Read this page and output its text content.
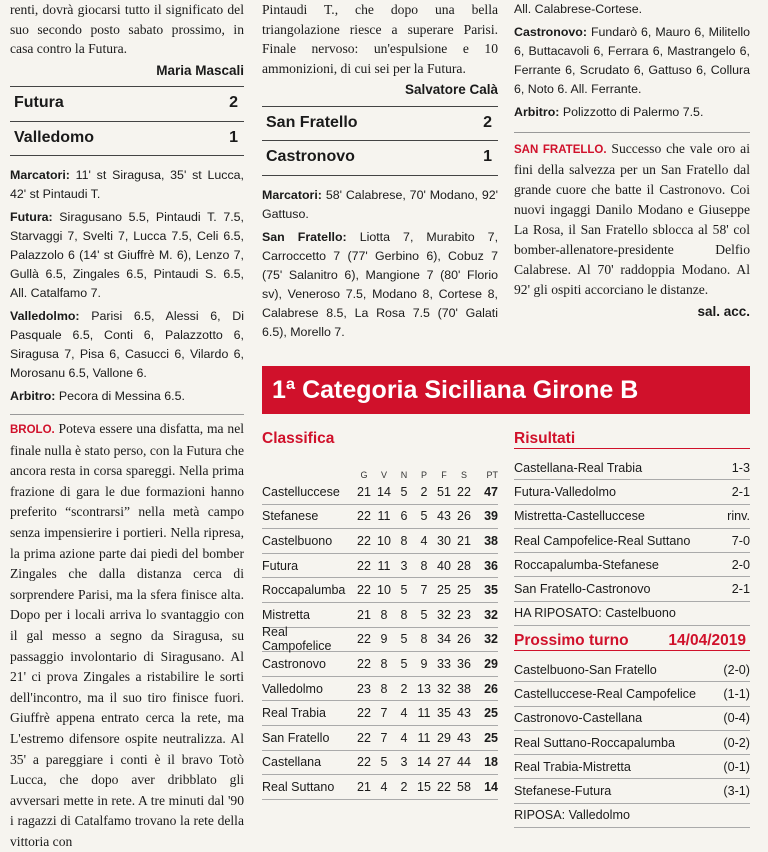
renti, dovrà giocarsi tutto il significato del suo secondo posto sabato prossimo, in casa contro la Futura.
Maria Mascali
Futura	2
Valledomo	1
Marcatori: 11' st Siragusa, 35' st Lucca, 42' st Pintaudi T.
Futura: Siragusano 5.5, Pintaudi T. 7.5, Starvaggi 7, Svelti 7, Lucca 7.5, Celi 6.5, Palazzolo 6 (14' st Giuffrè M. 6), Lenzo 7, Gullà 6.5, Zingales 6.5, Pintaudi S. 6.5, All. Catalfamo 7.
Valledolmo: Parisi 6.5, Alessi 6, Di Pasquale 6.5, Conti 6, Palazzotto 6, Siragusa 7, Pisa 6, Casucci 6, Vilardo 6, Morosanu 6.5, Vallone 6.
Arbitro: Pecora di Messina 6.5.
BROLO. Poteva essere una disfatta, ma nel finale nulla è stato perso, con la Futura che ancora resta in corsa spareggi. Nella prima frazione di gara le due formazioni hanno preferito “scontrarsi” nella metà campo senza impensierire i portieri. Nella ripresa, la prima azione parte dai piedi del bomber Zingales che dalla distanza cerca di sorprendere Parisi, ma la sfera finisce alta. Dopo per i locali arriva lo svantaggio con il gal messo a segno da Siragusa, su passaggio involontario di Siragusano. Al 21' ci prova Zingales a ristabilire le sorti dell'incontro, ma il suo tiro finisce fuori. Giuffrè appena entrato cerca la rete, ma L'estremo difensore ospite neutralizza. Al 35' a pareggiare i conti è il bravo Totò Lucca, che dopo aver dribblato gli avversari mette in rete. A tre minuti dal '90 i ragazzi di Catalfamo trovano la rete della vittoria con
Pintaudi T., che dopo una bella triangolazione riesce a superare Parisi. Finale nervoso: un'espulsione e 10 ammonizioni, di cui sei per la Futura.
Salvatore Calà
San Fratello	2
Castronovo	1
Marcatori: 58' Calabrese, 70' Modano, 92' Gattuso.
San Fratello: Liotta 7, Murabito 7, Carroccetto 7 (77' Gerbino 6), Cobuz 7 (75' Salanitro 6), Mangione 7 (80' Florio sv), Veneroso 7.5, Modano 8, Cortese 8, Calabrese 8.5, La Rosa 7.5 (70' Galati 6.5), Morello 7.
All. Calabrese-Cortese.
Castronovo: Fundarò 6, Mauro 6, Militello 6, Buttacavoli 6, Ferrara 6, Mastrangelo 6, Ferrante 6, Scrudato 6, Gattuso 6, Collura 6, Noto 6. All. Ferrante.
Arbitro: Polizzotto di Palermo 7.5.
SAN FRATELLO. Successo che vale oro ai fini della salvezza per un San Fratello dal grande cuore che batte il Castronovo. Coi nuovi ingaggi Danilo Modano e Giuseppe La Rosa, il San Fratello sblocca al 58' col bomber-allenatore-presidente Delfio Calabrese. Al 70' raddoppia Modano. Al 92' gli ospiti accorciano le distanze.
sal. acc.
1ª Categoria Siciliana Girone B
Classifica
G	V	N	P	F	S	PT
Castelluccese	21 14 5	2 51 22	47
Stefanese	22 11 6	5 43 26	39
Castelbuono	22 10 8	4 30 21	38
Futura	22 11 3	8 40 28	36
Roccapalumba 22 10 5	7 25 25	35
Mistretta	21 8	8	5 32 23	32
Real Campofelice	22 9	5	8 34 26	32
Castronovo	22 8	5	9 33 36	29
Valledolmo	23 8	2 13 32 38	26
Real Trabia	22 7	4 11 35 43	25
San Fratello	22 7	4 11 29 43	25
Castellana	22 5	3 14 27 44	18
Real Suttano	21 4	2 15 22 58	14
Risultati
Castellana-Real Trabia	1-3
Futura-Valledolmo	2-1
Mistretta-Castelluccese	rinv.
Real Campofelice-Real Suttano	7-0
Roccapalumba-Stefanese	2-0
San Fratello-Castronovo	2-1
HA RIPOSATO: Castelbuono
Prossimo turno	14/04/2019
Castelbuono-San Fratello	(2-0)
Castelluccese-Real Campofelice (1-1)
Castronovo-Castellana	(0-4)
Real Suttano-Roccapalumba	(0-2)
Real Trabia-Mistretta	(0-1)
Stefanese-Futura	(3-1)
RIPOSA: Valledolmo
